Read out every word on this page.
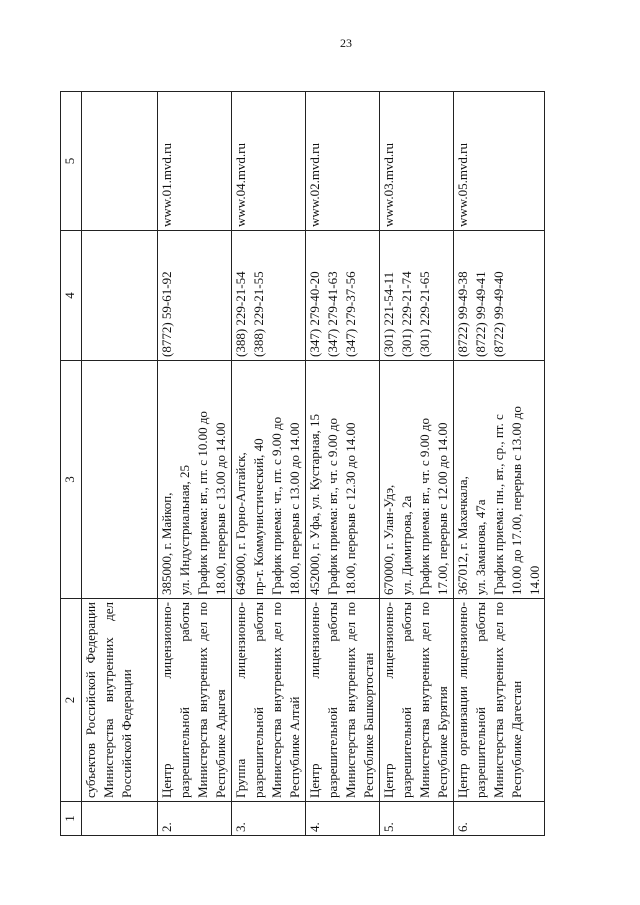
23
1	2	3	4	5
	субъектов Российской Федерации Министерства внутренних дел Российской Федерации			
2.	Центр лицензионно-разрешительной работы Министерства внутренних дел по Республике Адыгея	385000, г. Майкоп, ул. Индустриальная, 25 График приема: вт., пт. с 10.00 до 18.00, перерыв с 13.00 до 14.00	(8772) 59-61-92	www.01.mvd.ru
3.	Группа лицензионно-разрешительной работы Министерства внутренних дел по Республике Алтай	649000, г. Горно-Алтайск, пр-т. Коммунистический, 40 График приема: чт., пт. с 9.00 до 18.00, перерыв с 13.00 до 14.00	(388) 229-21-54 (388) 229-21-55	www.04.mvd.ru
4.	Центр лицензионно-разрешительной работы Министерства внутренних дел по Республике Башкортостан	452000, г. Уфа, ул. Кустарная, 15 График приема: вт., чт. с 9.00 до 18.00, перерыв с 12.30 до 14.00	(347) 279-40-20 (347) 279-41-63 (347) 279-37-56	www.02.mvd.ru
5.	Центр лицензионно-разрешительной работы Министерства внутренних дел по Республике Бурятия	670000, г. Улан-Удэ, ул. Димитрова, 2а График приема: вт., чт. с 9.00 до 17.00, перерыв с 12.00 до 14.00	(301) 221-54-11 (301) 229-21-74 (301) 229-21-65	www.03.mvd.ru
6.	Центр организации лицензионно-разрешительной работы Министерства внутренних дел по Республике Дагестан	367012, г. Махачкала, ул. Заманова, 47а График приема: пн., вт., ср., пт. с 10.00 до 17.00, перерыв с 13.00 до 14.00	(8722) 99-49-38 (8722) 99-49-41 (8722) 99-49-40	www.05.mvd.ru
